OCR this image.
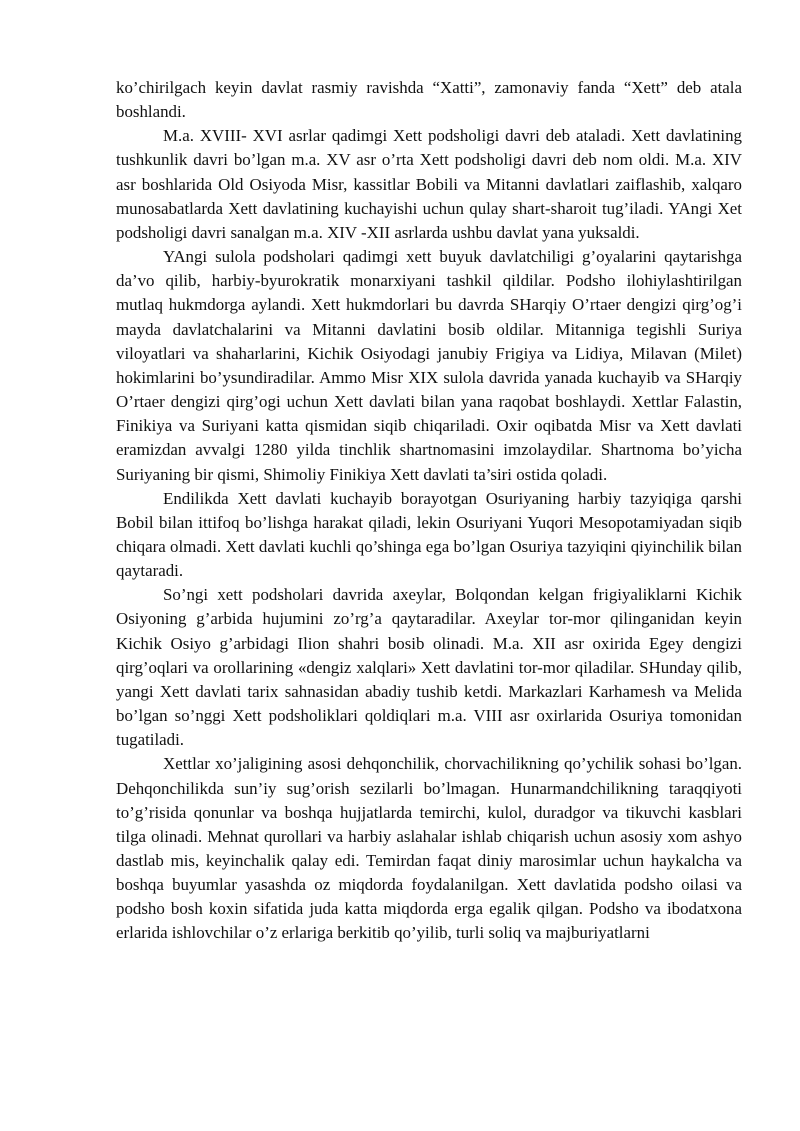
ko’chirilgach keyin davlat rasmiy ravishda “Xatti”, zamonaviy fanda “Xett” deb atala boshlandi.

M.a. XVIII- XVI asrlar qadimgi Xett podsholigi davri deb ataladi. Xett davlatining tushkunlik davri bo’lgan m.a. XV asr o’rta Xett podsholigi davri deb nom oldi. M.a. XIV asr boshlarida Old Osiyoda Misr, kassitlar Bobili va Mitanni davlatlari zaiflashib, xalqaro munosabatlarda Xett davlatining kuchayishi uchun qulay shart-sharoit tug’iladi. YAngi Xet podsholigi davri sanalgan m.a. XIV -XII asrlarda ushbu davlat yana yuksaldi.

YAngi sulola podsholari qadimgi xett buyuk davlatchiligi g’oyalarini qaytarishga da’vo qilib, harbiy-byurokratik monarxiyani tashkil qildilar. Podsho ilohiylashtirilgan mutlaq hukmdorga aylandi. Xett hukmdorlari bu davrda SHarqiy O’rtaer dengizi qirg’og’i mayda davlatchalarini va Mitanni davlatini bosib oldilar. Mitanniga tegishli Suriya viloyatlari va shaharlarini, Kichik Osiyodagi janubiy Frigiya va Lidiya, Milavan (Milet) hokimlarini bo’ysundiradilar. Ammo Misr XIX sulola davrida yanada kuchayib va SHarqiy O’rtaer dengizi qirg’ogi uchun Xett davlati bilan yana raqobat boshlaydi. Xettlar Falastin, Finikiya va Suriyani katta qismidan siqib chiqariladi. Oxir oqibatda Misr va Xett davlati eramizdan avvalgi 1280 yilda tinchlik shartnomasini imzolaydilar. Shartnoma bo’yicha Suriyaning bir qismi, Shimoliy Finikiya Xett davlati ta’siri ostida qoladi.

Endilikda Xett davlati kuchayib borayotgan Osuriyaning harbiy tazyiqiga qarshi Bobil bilan ittifoq bo’lishga harakat qiladi, lekin Osuriyani Yuqori Mesopotamiyadan siqib chiqara olmadi. Xett davlati kuchli qo’shinga ega bo’lgan Osuriya tazyiqini qiyinchilik bilan qaytaradi.

So’ngi xett podsholari davrida axeylar, Bolqondan kelgan frigiyaliklarni Kichik Osiyoning g’arbida hujumini zo’rg’a qaytaradilar. Axeylar tor-mor qilinganidan keyin Kichik Osiyo g’arbidagi Ilion shahri bosib olinadi. M.a. XII asr oxirida Egey dengizi qirg’oqlari va orollarining «dengiz xalqlari» Xett davlatini tor-mor qiladilar. SHunday qilib, yangi Xett davlati tarix sahnasidan abadiy tushib ketdi. Markazlari Karhamesh va Melida bo’lgan so’nggi Xett podsholiklari qoldiqlari m.a. VIII asr oxirlarida Osuriya tomonidan tugatiladi.

Xettlar xo’jaligining asosi dehqonchilik, chorvachilikning qo’ychilik sohasi bo’lgan. Dehqonchilikda sun’iy sug’orish sezilarli bo’lmagan. Hunarmandchilikning taraqqiyoti to’g’risida qonunlar va boshqa hujjatlarda temirchi, kulol, duradgor va tikuvchi kasblari tilga olinadi. Mehnat qurollari va harbiy aslahalar ishlab chiqarish uchun asosiy xom ashyo dastlab mis, keyinchalik qalay edi. Temirdan faqat diniy marosimlar uchun haykalcha va boshqa buyumlar yasashda oz miqdorda foydalanilgan. Xett davlatida podsho oilasi va podsho bosh koxin sifatida juda katta miqdorda erga egalik qilgan. Podsho va ibodatxona erlarida ishlovchilar o’z erlariga berkitib qo’yilib, turli soliq va majburiyatlarni
